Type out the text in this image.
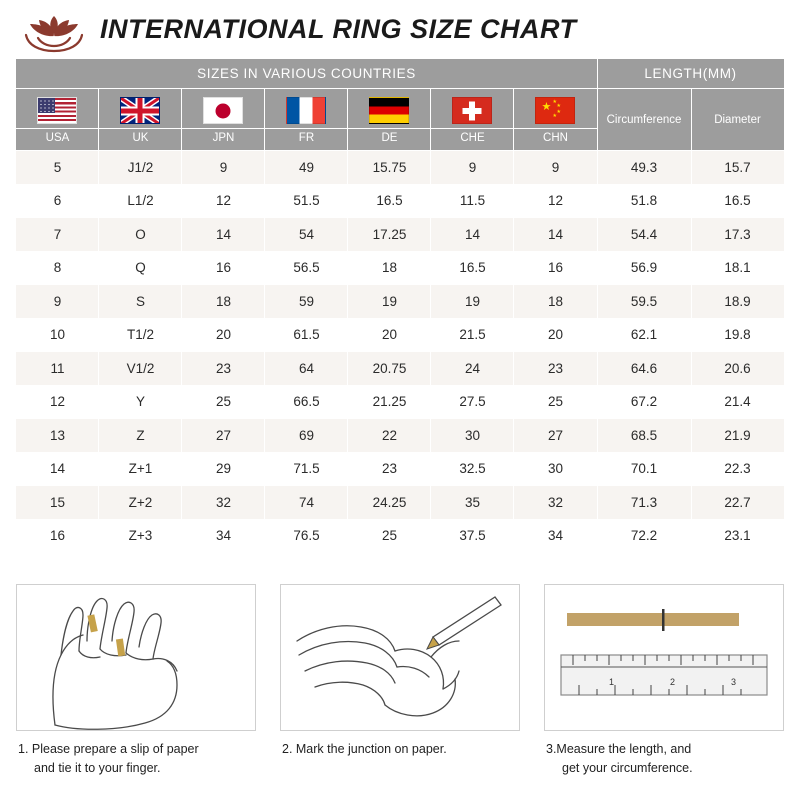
INTERNATIONAL RING SIZE CHART
SIZES IN VARIOUS COUNTRIES							LENGTH(MM)	

						★ ★
★
★
★	Circumference	Diameter
USA	UK	JPN	FR	DE	CHE	CHN		
5	J1/2	9	49	15.75	9	9	49.3	15.7
6	L1/2	12	51.5	16.5	11.5	12	51.8	16.5
7	O	14	54	17.25	14	14	54.4	17.3
8	Q	16	56.5	18	16.5	16	56.9	18.1
9	S	18	59	19	19	18	59.5	18.9
10	T1/2	20	61.5	20	21.5	20	62.1	19.8
11	V1/2	23	64	20.75	24	23	64.6	20.6
12	Y	25	66.5	21.25	27.5	25	67.2	21.4
13	Z	27	69	22	30	27	68.5	21.9
14	Z+1	29	71.5	23	32.5	30	70.1	22.3
15	Z+2	32	74	24.25	35	32	71.3	22.7
16	Z+3	34	76.5	25	37.5	34	72.2	23.1
1. Please prepare a slip of paper
and tie it to your finger.
2. Mark the junction on paper.
1	2	3
3.Measure the length, and
get your circumference.
